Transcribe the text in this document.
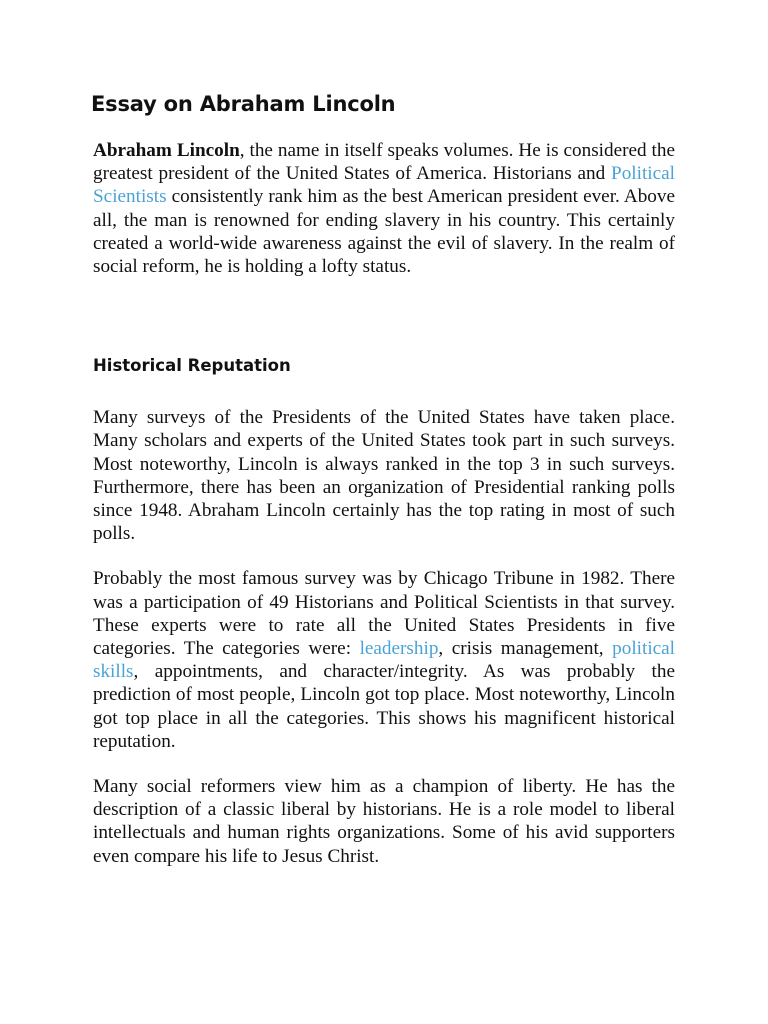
Essay on Abraham Lincoln

Abraham Lincoln, the name in itself speaks volumes. He is considered the greatest president of the United States of America. Historians and Political Scientists consistently rank him as the best American president ever. Above all, the man is renowned for ending slavery in his country. This certainly created a world-wide awareness against the evil of slavery. In the realm of social reform, he is holding a lofty status.

Historical Reputation

Many surveys of the Presidents of the United States have taken place. Many scholars and experts of the United States took part in such surveys. Most noteworthy, Lincoln is always ranked in the top 3 in such surveys. Furthermore, there has been an organization of Presidential ranking polls since 1948. Abraham Lincoln certainly has the top rating in most of such polls.

Probably the most famous survey was by Chicago Tribune in 1982. There was a participation of 49 Historians and Political Scientists in that survey. These experts were to rate all the United States Presidents in five categories. The categories were: leadership, crisis management, political skills, appointments, and character/integrity. As was probably the prediction of most people, Lincoln got top place. Most noteworthy, Lincoln got top place in all the categories. This shows his magnificent historical reputation.

Many social reformers view him as a champion of liberty. He has the description of a classic liberal by historians. He is a role model to liberal intellectuals and human rights organizations. Some of his avid supporters even compare his life to Jesus Christ.
